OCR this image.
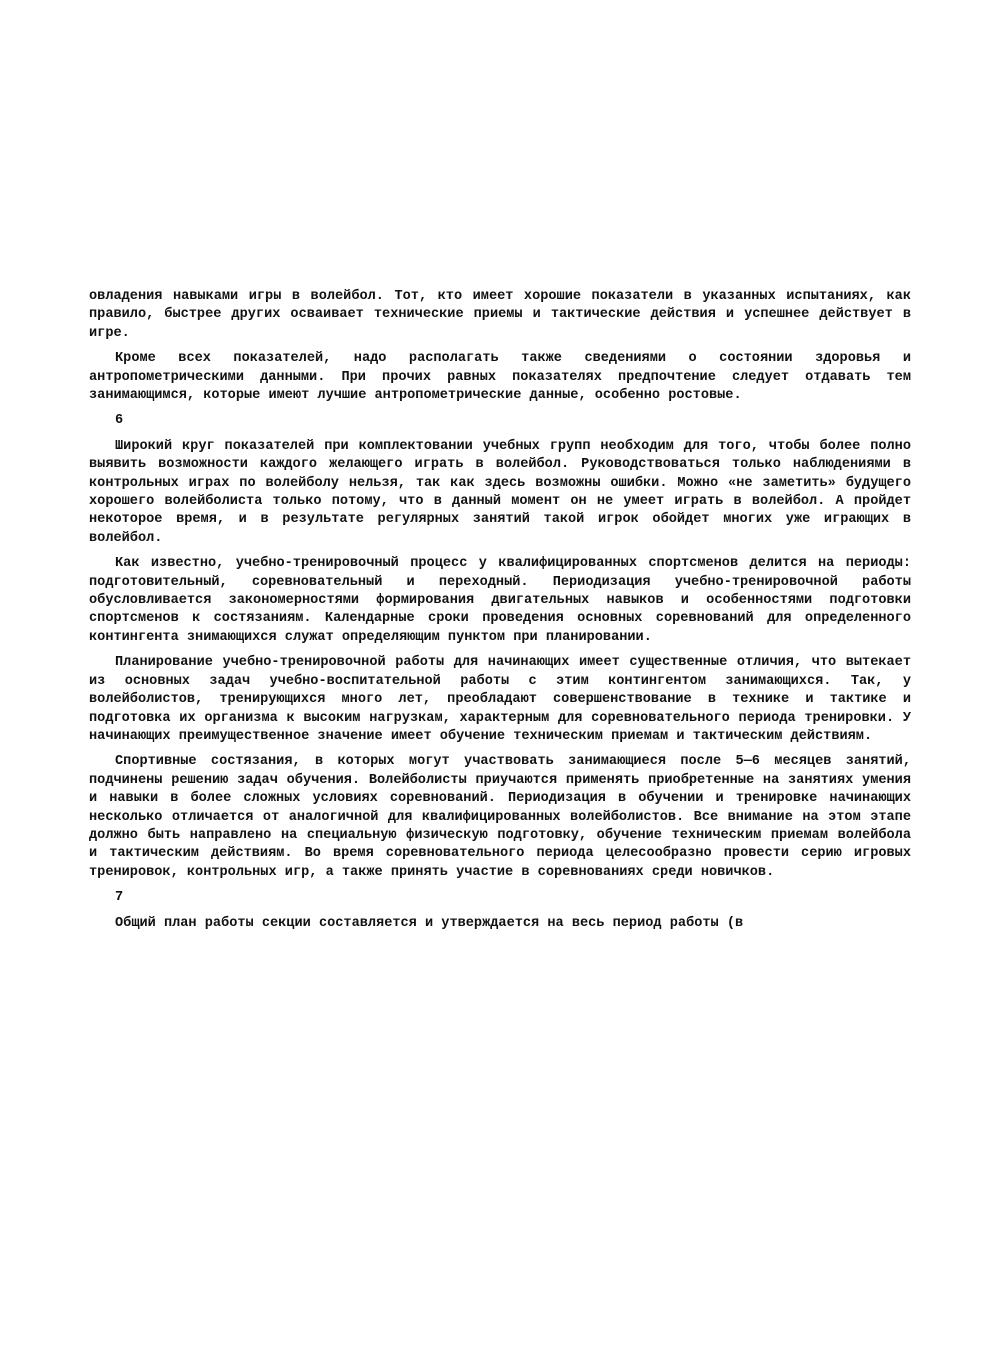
овладения навыками игры в волейбол. Тот, кто имеет хорошие показатели в указанных испытаниях, как правило, быстрее других осваивает технические приемы и тактические действия и успешнее действует в игре.

Кроме всех показателей, надо располагать также сведениями о состоянии здоровья и антропометрическими данными. При прочих равных показателях предпочтение следует отдавать тем занимающимся, которые имеют лучшие антропометрические данные, особенно ростовые.

6

Широкий круг показателей при комплектовании учебных групп необходим для того, чтобы более полно выявить возможности каждого желающего играть в волейбол. Руководствоваться только наблюдениями в контрольных играх по волейболу нельзя, так как здесь возможны ошибки. Можно «не заметить» будущего хорошего волейболиста только потому, что в данный момент он не умеет играть в волейбол. А пройдет некоторое время, и в результате регулярных занятий такой игрок обойдет многих уже играющих в волейбол.

Как известно, учебно-тренировочный процесс у квалифицированных спортсменов делится на периоды: подготовительный, соревновательный и переходный. Периодизация учебно-тренировочной работы обусловливается закономерностями формирования двигательных навыков и особенностями подготовки спортсменов к состязаниям. Календарные сроки проведения основных соревнований для определенного контингента знимающихся служат определяющим пунктом при планировании.

Планирование учебно-тренировочной работы для начинающих имеет существенные отличия, что вытекает из основных задач учебно-воспитательной работы с этим контингентом занимающихся. Так, у волейболистов, тренирующихся много лет, преобладают совершенствование в технике и тактике и подготовка их организма к высоким нагрузкам, характерным для соревновательного периода тренировки. У начинающих преимущественное значение имеет обучение техническим приемам и тактическим действиям.

Спортивные состязания, в которых могут участвовать занимающиеся после 5—6 месяцев занятий, подчинены решению задач обучения. Волейболисты приучаются применять приобретенные на занятиях умения и навыки в более сложных условиях соревнований. Периодизация в обучении и тренировке начинающих несколько отличается от аналогичной для квалифицированных волейболистов. Все внимание на этом этапе должно быть направлено на специальную физическую подготовку, обучение техническим приемам волейбола и тактическим действиям. Во время соревновательного периода целесообразно провести серию игровых тренировок, контрольных игр, а также принять участие в соревнованиях среди новичков.

7

Общий план работы секции составляется и утверждается на весь период работы (в
